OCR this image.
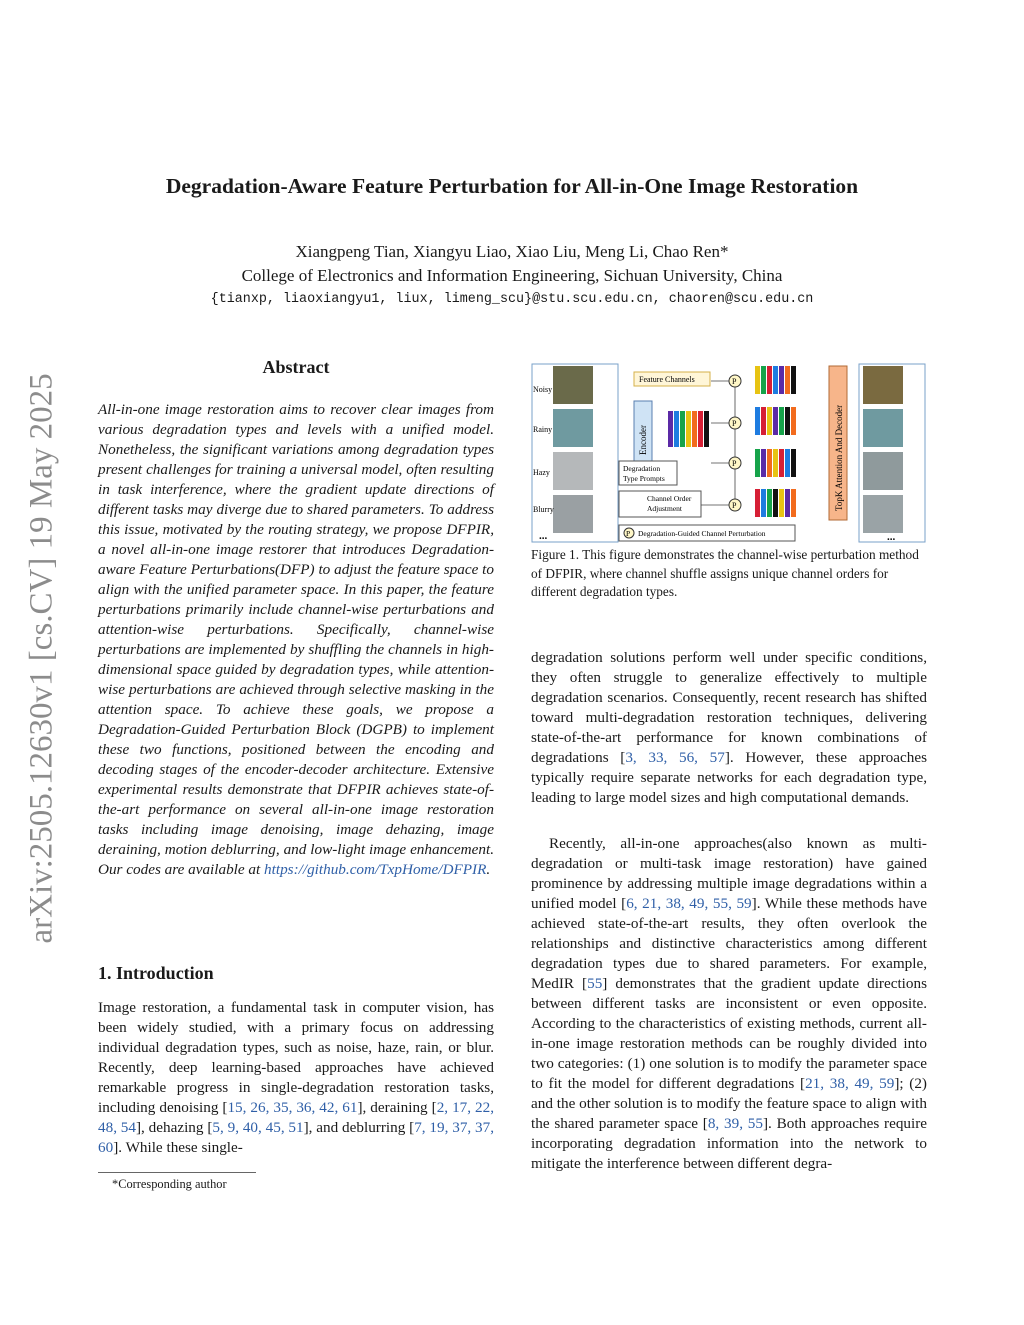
Degradation-Aware Feature Perturbation for All-in-One Image Restoration
Xiangpeng Tian, Xiangyu Liao, Xiao Liu, Meng Li, Chao Ren*
College of Electronics and Information Engineering, Sichuan University, China
{tianxp, liaoxiangyu1, liux, limeng_scu}@stu.scu.edu.cn, chaoren@scu.edu.cn
arXiv:2505.12630v1 [cs.CV] 19 May 2025
Abstract
All-in-one image restoration aims to recover clear images from various degradation types and levels with a unified model. Nonetheless, the significant variations among degradation types present challenges for training a universal model, often resulting in task interference, where the gradient update directions of different tasks may diverge due to shared parameters. To address this issue, motivated by the routing strategy, we propose DFPIR, a novel all-in-one image restorer that introduces Degradation-aware Feature Perturbations(DFP) to adjust the feature space to align with the unified parameter space. In this paper, the feature perturbations primarily include channel-wise perturbations and attention-wise perturbations. Specifically, channel-wise perturbations are implemented by shuffling the channels in high-dimensional space guided by degradation types, while attention-wise perturbations are achieved through selective masking in the attention space. To achieve these goals, we propose a Degradation-Guided Perturbation Block (DGPB) to implement these two functions, positioned between the encoding and decoding stages of the encoder-decoder architecture. Extensive experimental results demonstrate that DFPIR achieves state-of-the-art performance on several all-in-one image restoration tasks including image denoising, image dehazing, image deraining, motion deblurring, and low-light image enhancement. Our codes are available at https://github.com/TxpHome/DFPIR.
1. Introduction
Image restoration, a fundamental task in computer vision, has been widely studied, with a primary focus on addressing individual degradation types, such as noise, haze, rain, or blur. Recently, deep learning-based approaches have achieved remarkable progress in single-degradation restoration tasks, including denoising [15, 26, 35, 36, 42, 61], deraining [2, 17, 22, 48, 54], dehazing [5, 9, 40, 45, 51], and deblurring [7, 19, 37, 37, 60]. While these single-
*Corresponding author
Noisy
Rainy
Hazy
Blurry
...
Encoder
Feature Channels
Degradation
Type Prompts
Channel Order
Adjustment
P
P
P
P
P Degradation-Guided Channel Perturbation
TopK Attention And Decoder
...
Figure 1. This figure demonstrates the channel-wise perturbation method of DFPIR, where channel shuffle assigns unique channel orders for different degradation types.
degradation solutions perform well under specific conditions, they often struggle to generalize effectively to multiple degradation scenarios. Consequently, recent research has shifted toward multi-degradation restoration techniques, delivering state-of-the-art performance for known combinations of degradations [3, 33, 56, 57]. However, these approaches typically require separate networks for each degradation type, leading to large model sizes and high computational demands.
Recently, all-in-one approaches(also known as multi-degradation or multi-task image restoration) have gained prominence by addressing multiple image degradations within a unified model [6, 21, 38, 49, 55, 59]. While these methods have achieved state-of-the-art results, they often overlook the relationships and distinctive characteristics among different degradation types due to shared parameters. For example, MedIR [55] demonstrates that the gradient update directions between different tasks are inconsistent or even opposite. According to the characteristics of existing methods, current all-in-one image restoration methods can be roughly divided into two categories: (1) one solution is to modify the parameter space to fit the model for different degradations [21, 38, 49, 59]; (2) and the other solution is to modify the feature space to align with the shared parameter space [8, 39, 55]. Both approaches require incorporating degradation information into the network to mitigate the interference between different degra-
